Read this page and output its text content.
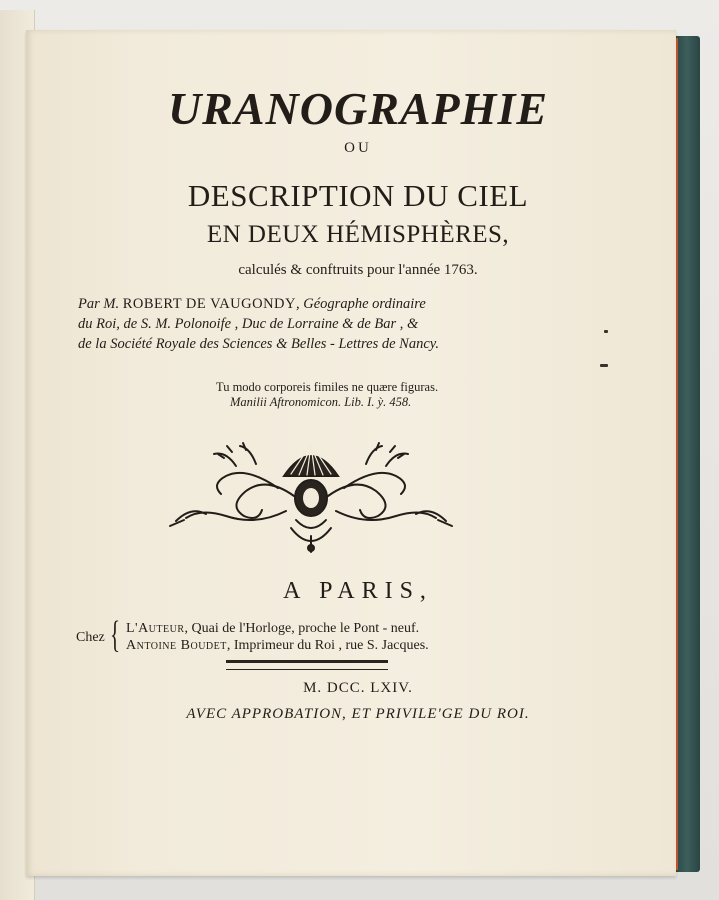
URANOGRAPHIE
OU
DESCRIPTION DU CIEL
EN DEUX HÉMISPHÈRES,
calculés & conftruits pour l'année 1763.
Par M. ROBERT DE VAUGONDY, Géographe ordinaire
du Roi, de S. M. Polonoife , Duc de Lorraine & de Bar , &
de la Société Royale des Sciences & Belles - Lettres de Nancy.
Tu modo corporeis fimiles ne quære figuras.
Manilii Aftronomicon. Lib. I. ỳ. 458.
A PARIS,
Chez { L'Auteur, Quai de l'Horloge, proche le Pont - neuf.
Antoine Boudet, Imprimeur du Roi , rue S. Jacques.
M. DCC. LXIV.
AVEC APPROBATION, ET PRIVILE'GE DU ROI.
